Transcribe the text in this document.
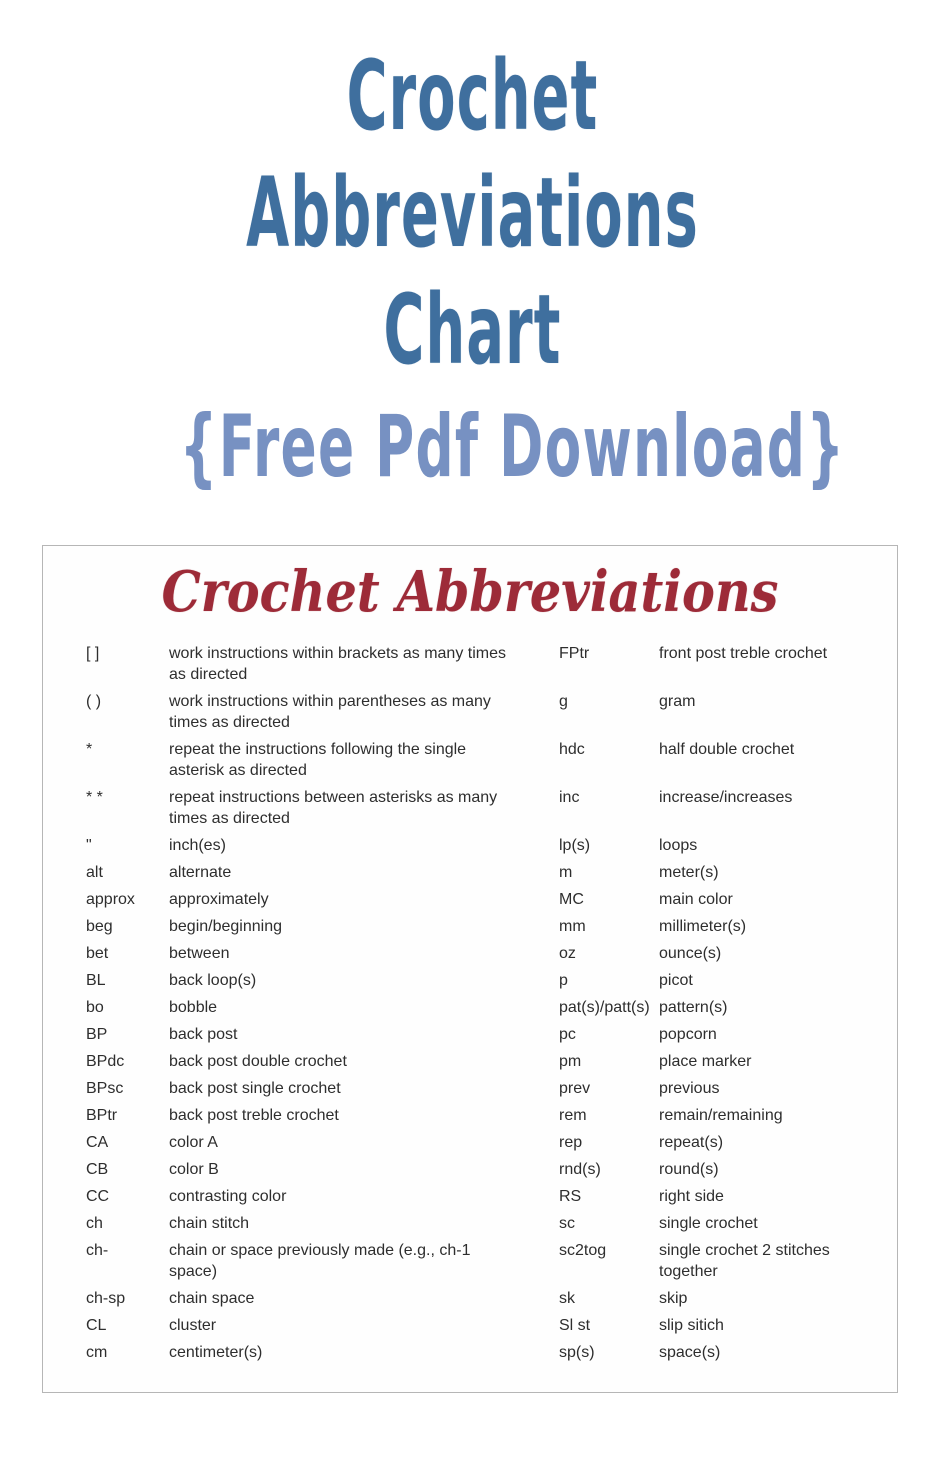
Crochet
Abbreviations
Chart
{Free Pdf Download}
Crochet Abbreviations
[ ]	work instructions within brackets as many times as directed	FPtr	front post treble crochet
( )	work instructions within parentheses as many times as directed	g	gram
*	repeat the instructions following the single asterisk as directed	hdc	half double crochet
* *	repeat instructions between asterisks as many times as directed	inc	increase/increases
"	inch(es)	lp(s)	loops
alt	alternate	m	meter(s)
approx	approximately	MC	main color
beg	begin/beginning	mm	millimeter(s)
bet	between	oz	ounce(s)
BL	back loop(s)	p	picot
bo	bobble	pat(s)/patt(s)	pattern(s)
BP	back post	pc	popcorn
BPdc	back post double crochet	pm	place marker
BPsc	back post single crochet	prev	previous
BPtr	back post treble crochet	rem	remain/remaining
CA	color A	rep	repeat(s)
CB	color B	rnd(s)	round(s)
CC	contrasting color	RS	right side
ch	chain stitch	sc	single crochet
ch-	chain or space previously made (e.g., ch-1 space)	sc2tog	single crochet 2 stitches together
ch-sp	chain space	sk	skip
CL	cluster	Sl st	slip sitich
cm	centimeter(s)	sp(s)	space(s)
